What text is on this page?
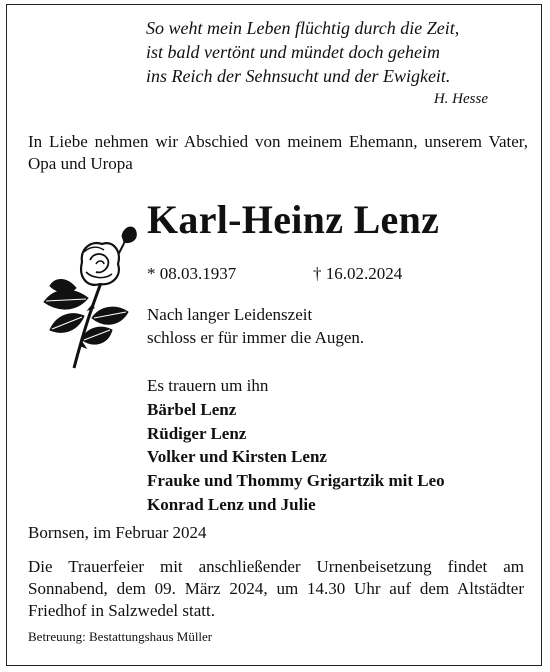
So weht mein Leben flüchtig durch die Zeit,
ist bald vertönt und mündet doch geheim
ins Reich der Sehnsucht und der Ewigkeit.
H. Hesse
In Liebe nehmen wir Abschied von meinem Ehemann, unserem Vater, Opa und Uropa
Karl-Heinz Lenz
* 08.03.1937	† 16.02.2024
Nach langer Leidenszeit
schloss er für immer die Augen.
Es trauern um ihn
Bärbel Lenz
Rüdiger Lenz
Volker und Kirsten Lenz
Frauke und Thommy Grigartzik mit Leo
Konrad Lenz und Julie
Bornsen, im Februar 2024
Die Trauerfeier mit anschließender Urnenbeisetzung findet am Sonnabend, dem 09. März 2024, um 14.30 Uhr auf dem Altstädter Friedhof in Salzwedel statt.
Betreuung: Bestattungshaus Müller
